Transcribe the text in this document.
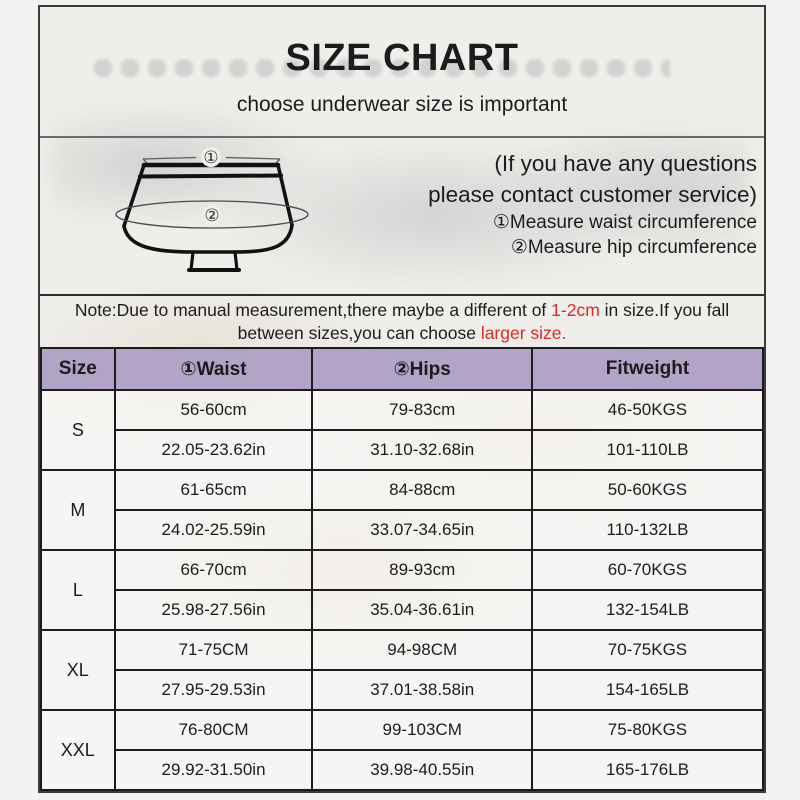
SIZE CHART

choose underwear size is important

①
②
(If you have any questions
please contact customer service)
①Measure waist circumference
②Measure hip circumference
Note:Due to manual measurement,there maybe a different of 1-2cm in size.If you fall
between sizes,you can choose larger size.
Size	①Waist	②Hips	Fitweight
S	56-60cm	79-83cm	46-50KGS
	22.05-23.62in	31.10-32.68in	101-110LB
M	61-65cm	84-88cm	50-60KGS
	24.02-25.59in	33.07-34.65in	110-132LB
L	66-70cm	89-93cm	60-70KGS
	25.98-27.56in	35.04-36.61in	132-154LB
XL	71-75CM	94-98CM	70-75KGS
	27.95-29.53in	37.01-38.58in	154-165LB
XXL	76-80CM	99-103CM	75-80KGS
	29.92-31.50in	39.98-40.55in	165-176LB
